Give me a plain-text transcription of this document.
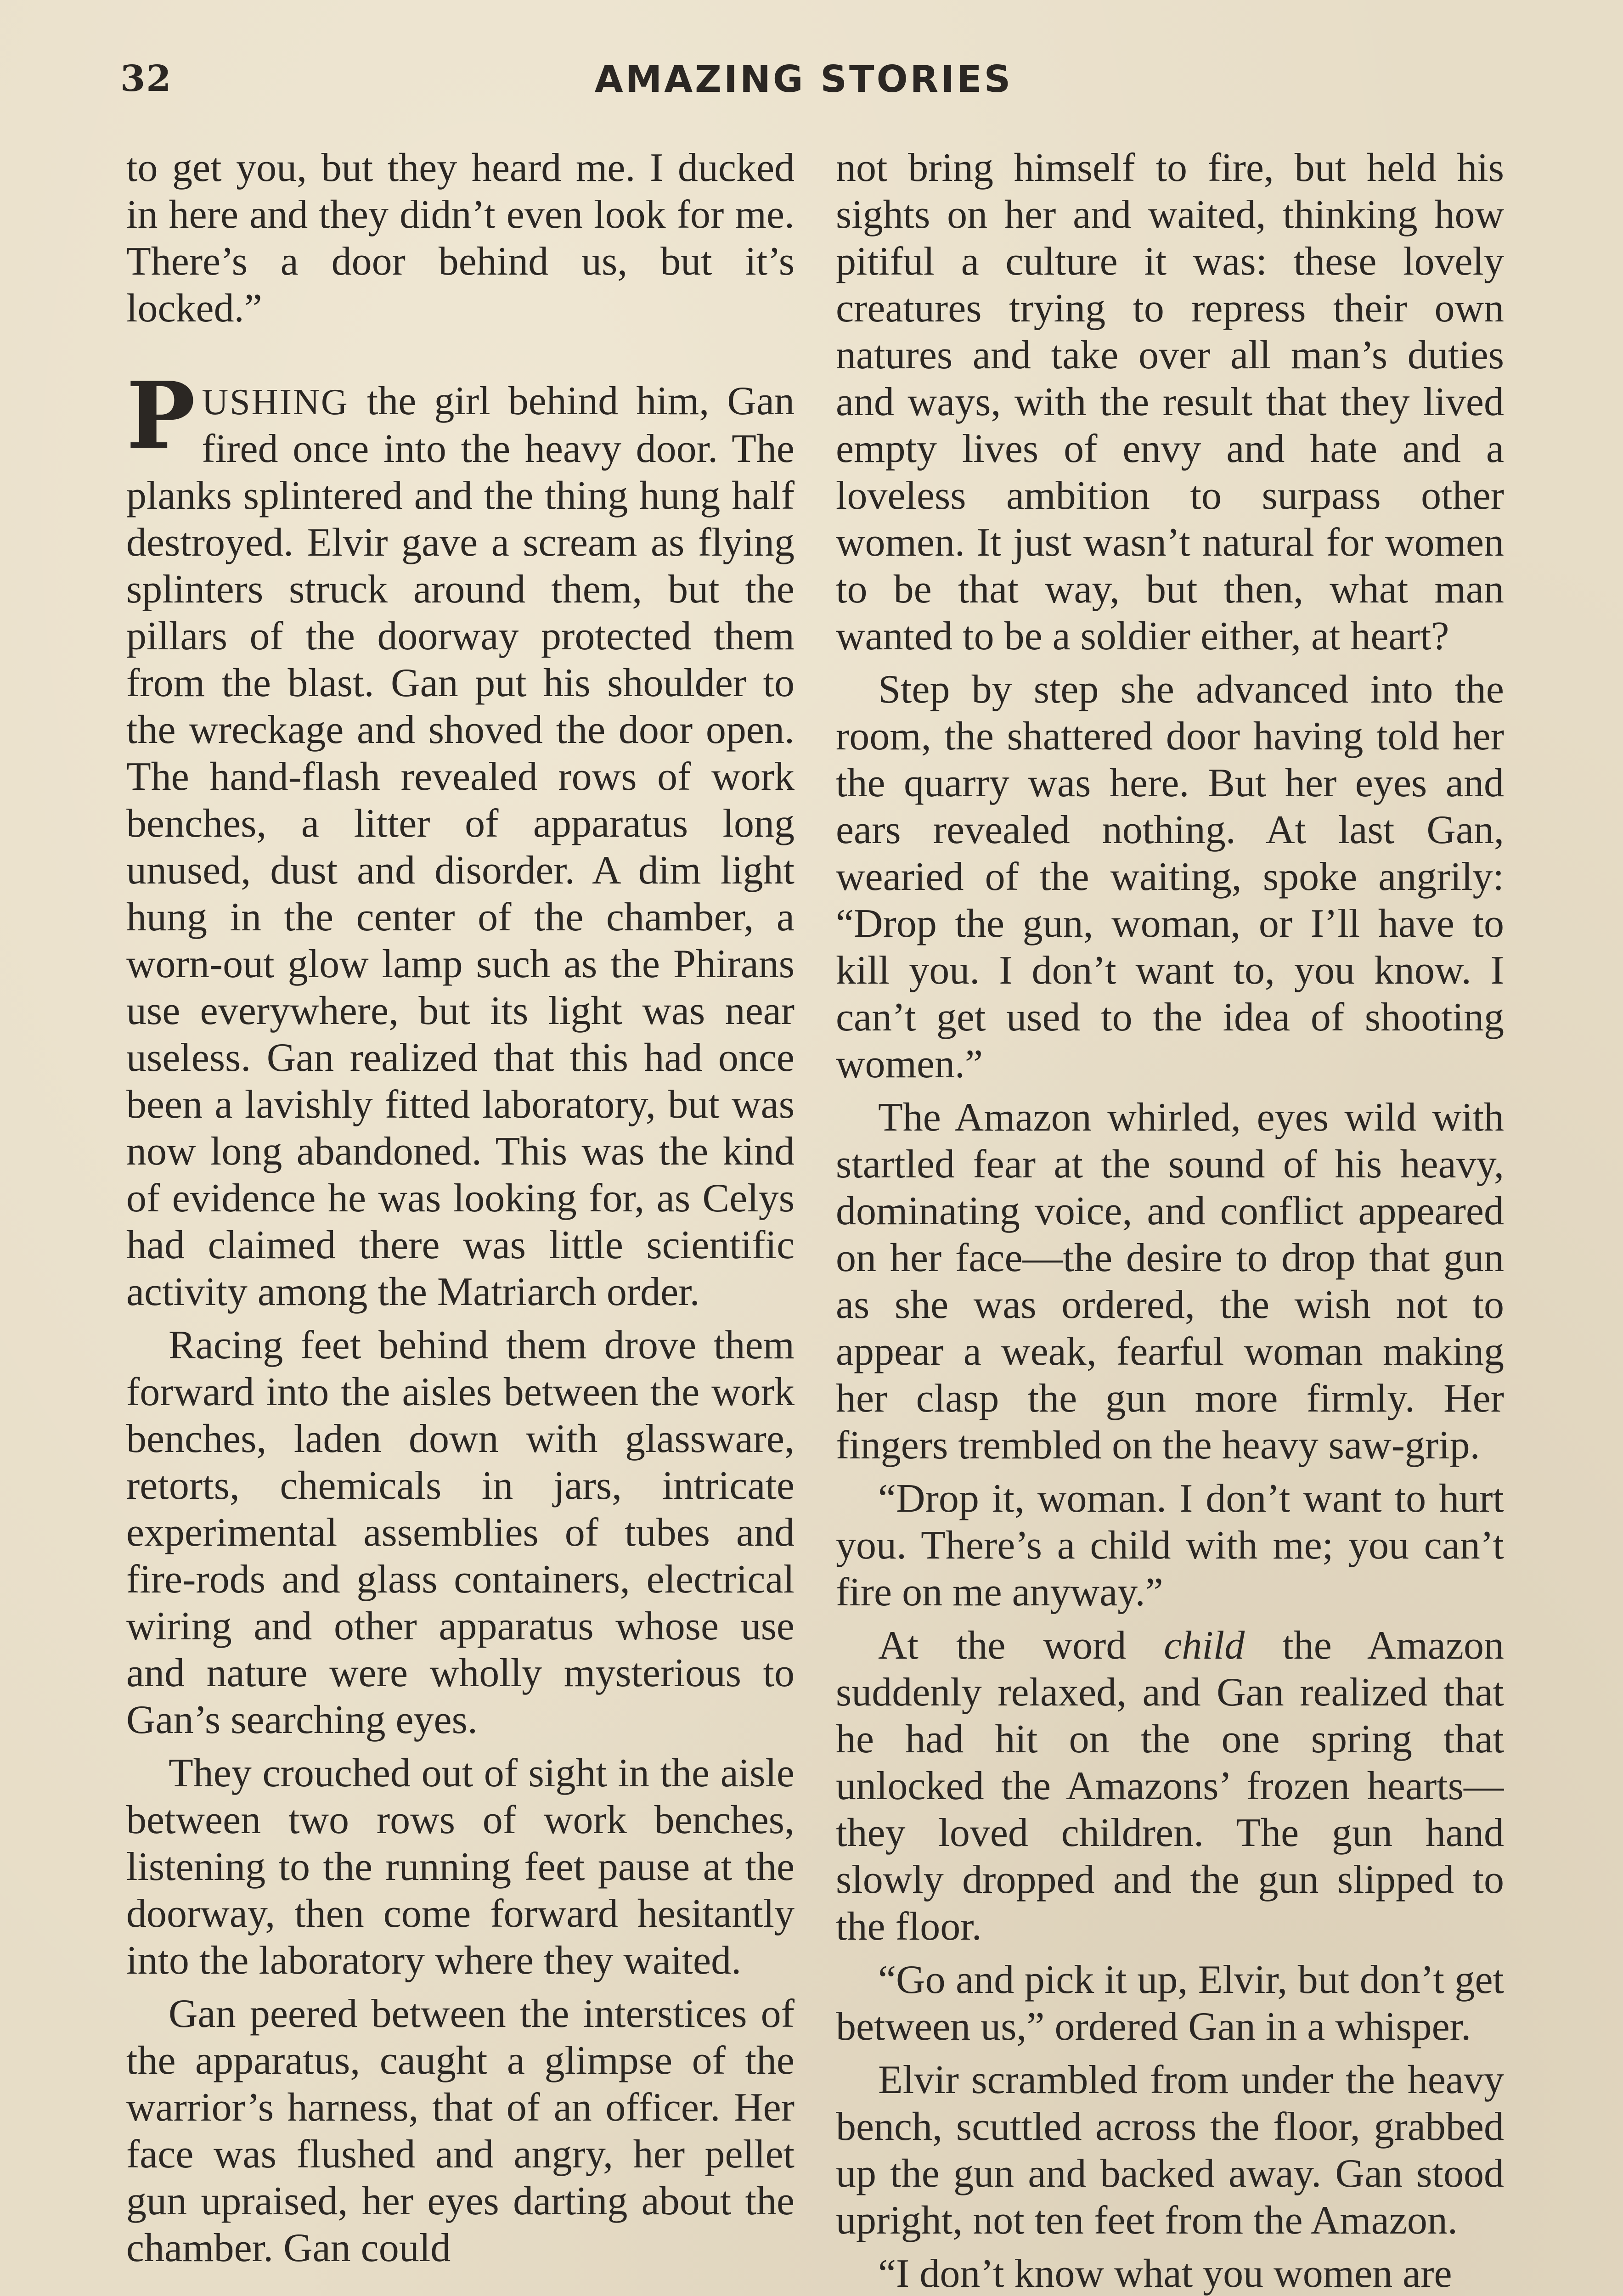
32	AMAZING STORIES

to get you, but they heard me. I ducked in here and they didn’t even look for me. There’s a door behind us, but it’s locked.”

PUSHING the girl behind him, Gan fired once into the heavy door. The planks splintered and the thing hung half destroyed. Elvir gave a scream as flying splinters struck around them, but the pillars of the doorway protected them from the blast. Gan put his shoulder to the wreckage and shoved the door open. The hand-flash revealed rows of work benches, a litter of apparatus long unused, dust and disorder. A dim light hung in the center of the chamber, a worn-out glow lamp such as the Phirans use everywhere, but its light was near useless. Gan realized that this had once been a lavishly fitted laboratory, but was now long abandoned. This was the kind of evidence he was looking for, as Celys had claimed there was little scientific activity among the Matriarch order.

Racing feet behind them drove them forward into the aisles between the work benches, laden down with glassware, retorts, chemicals in jars, intricate experimental assemblies of tubes and fire-rods and glass containers, electrical wiring and other apparatus whose use and nature were wholly mysterious to Gan’s searching eyes.

They crouched out of sight in the aisle between two rows of work benches, listening to the running feet pause at the doorway, then come forward hesitantly into the laboratory where they waited.

Gan peered between the interstices of the apparatus, caught a glimpse of the warrior’s harness, that of an officer. Her face was flushed and angry, her pellet gun upraised, her eyes darting about the chamber. Gan could

not bring himself to fire, but held his sights on her and waited, thinking how pitiful a culture it was: these lovely creatures trying to repress their own natures and take over all man’s duties and ways, with the result that they lived empty lives of envy and hate and a loveless ambition to surpass other women. It just wasn’t natural for women to be that way, but then, what man wanted to be a soldier either, at heart?

Step by step she advanced into the room, the shattered door having told her the quarry was here. But her eyes and ears revealed nothing. At last Gan, wearied of the waiting, spoke angrily: “Drop the gun, woman, or I’ll have to kill you. I don’t want to, you know. I can’t get used to the idea of shooting women.”

The Amazon whirled, eyes wild with startled fear at the sound of his heavy, dominating voice, and conflict appeared on her face—the desire to drop that gun as she was ordered, the wish not to appear a weak, fearful woman making her clasp the gun more firmly. Her fingers trembled on the heavy saw-grip.

“Drop it, woman. I don’t want to hurt you. There’s a child with me; you can’t fire on me anyway.”

At the word child the Amazon suddenly relaxed, and Gan realized that he had hit on the one spring that unlocked the Amazons’ frozen hearts—they loved children. The gun hand slowly dropped and the gun slipped to the floor.

“Go and pick it up, Elvir, but don’t get between us,” ordered Gan in a whisper.

Elvir scrambled from under the heavy bench, scuttled across the floor, grabbed up the gun and backed away. Gan stood upright, not ten feet from the Amazon.

“I don’t know what you women are
